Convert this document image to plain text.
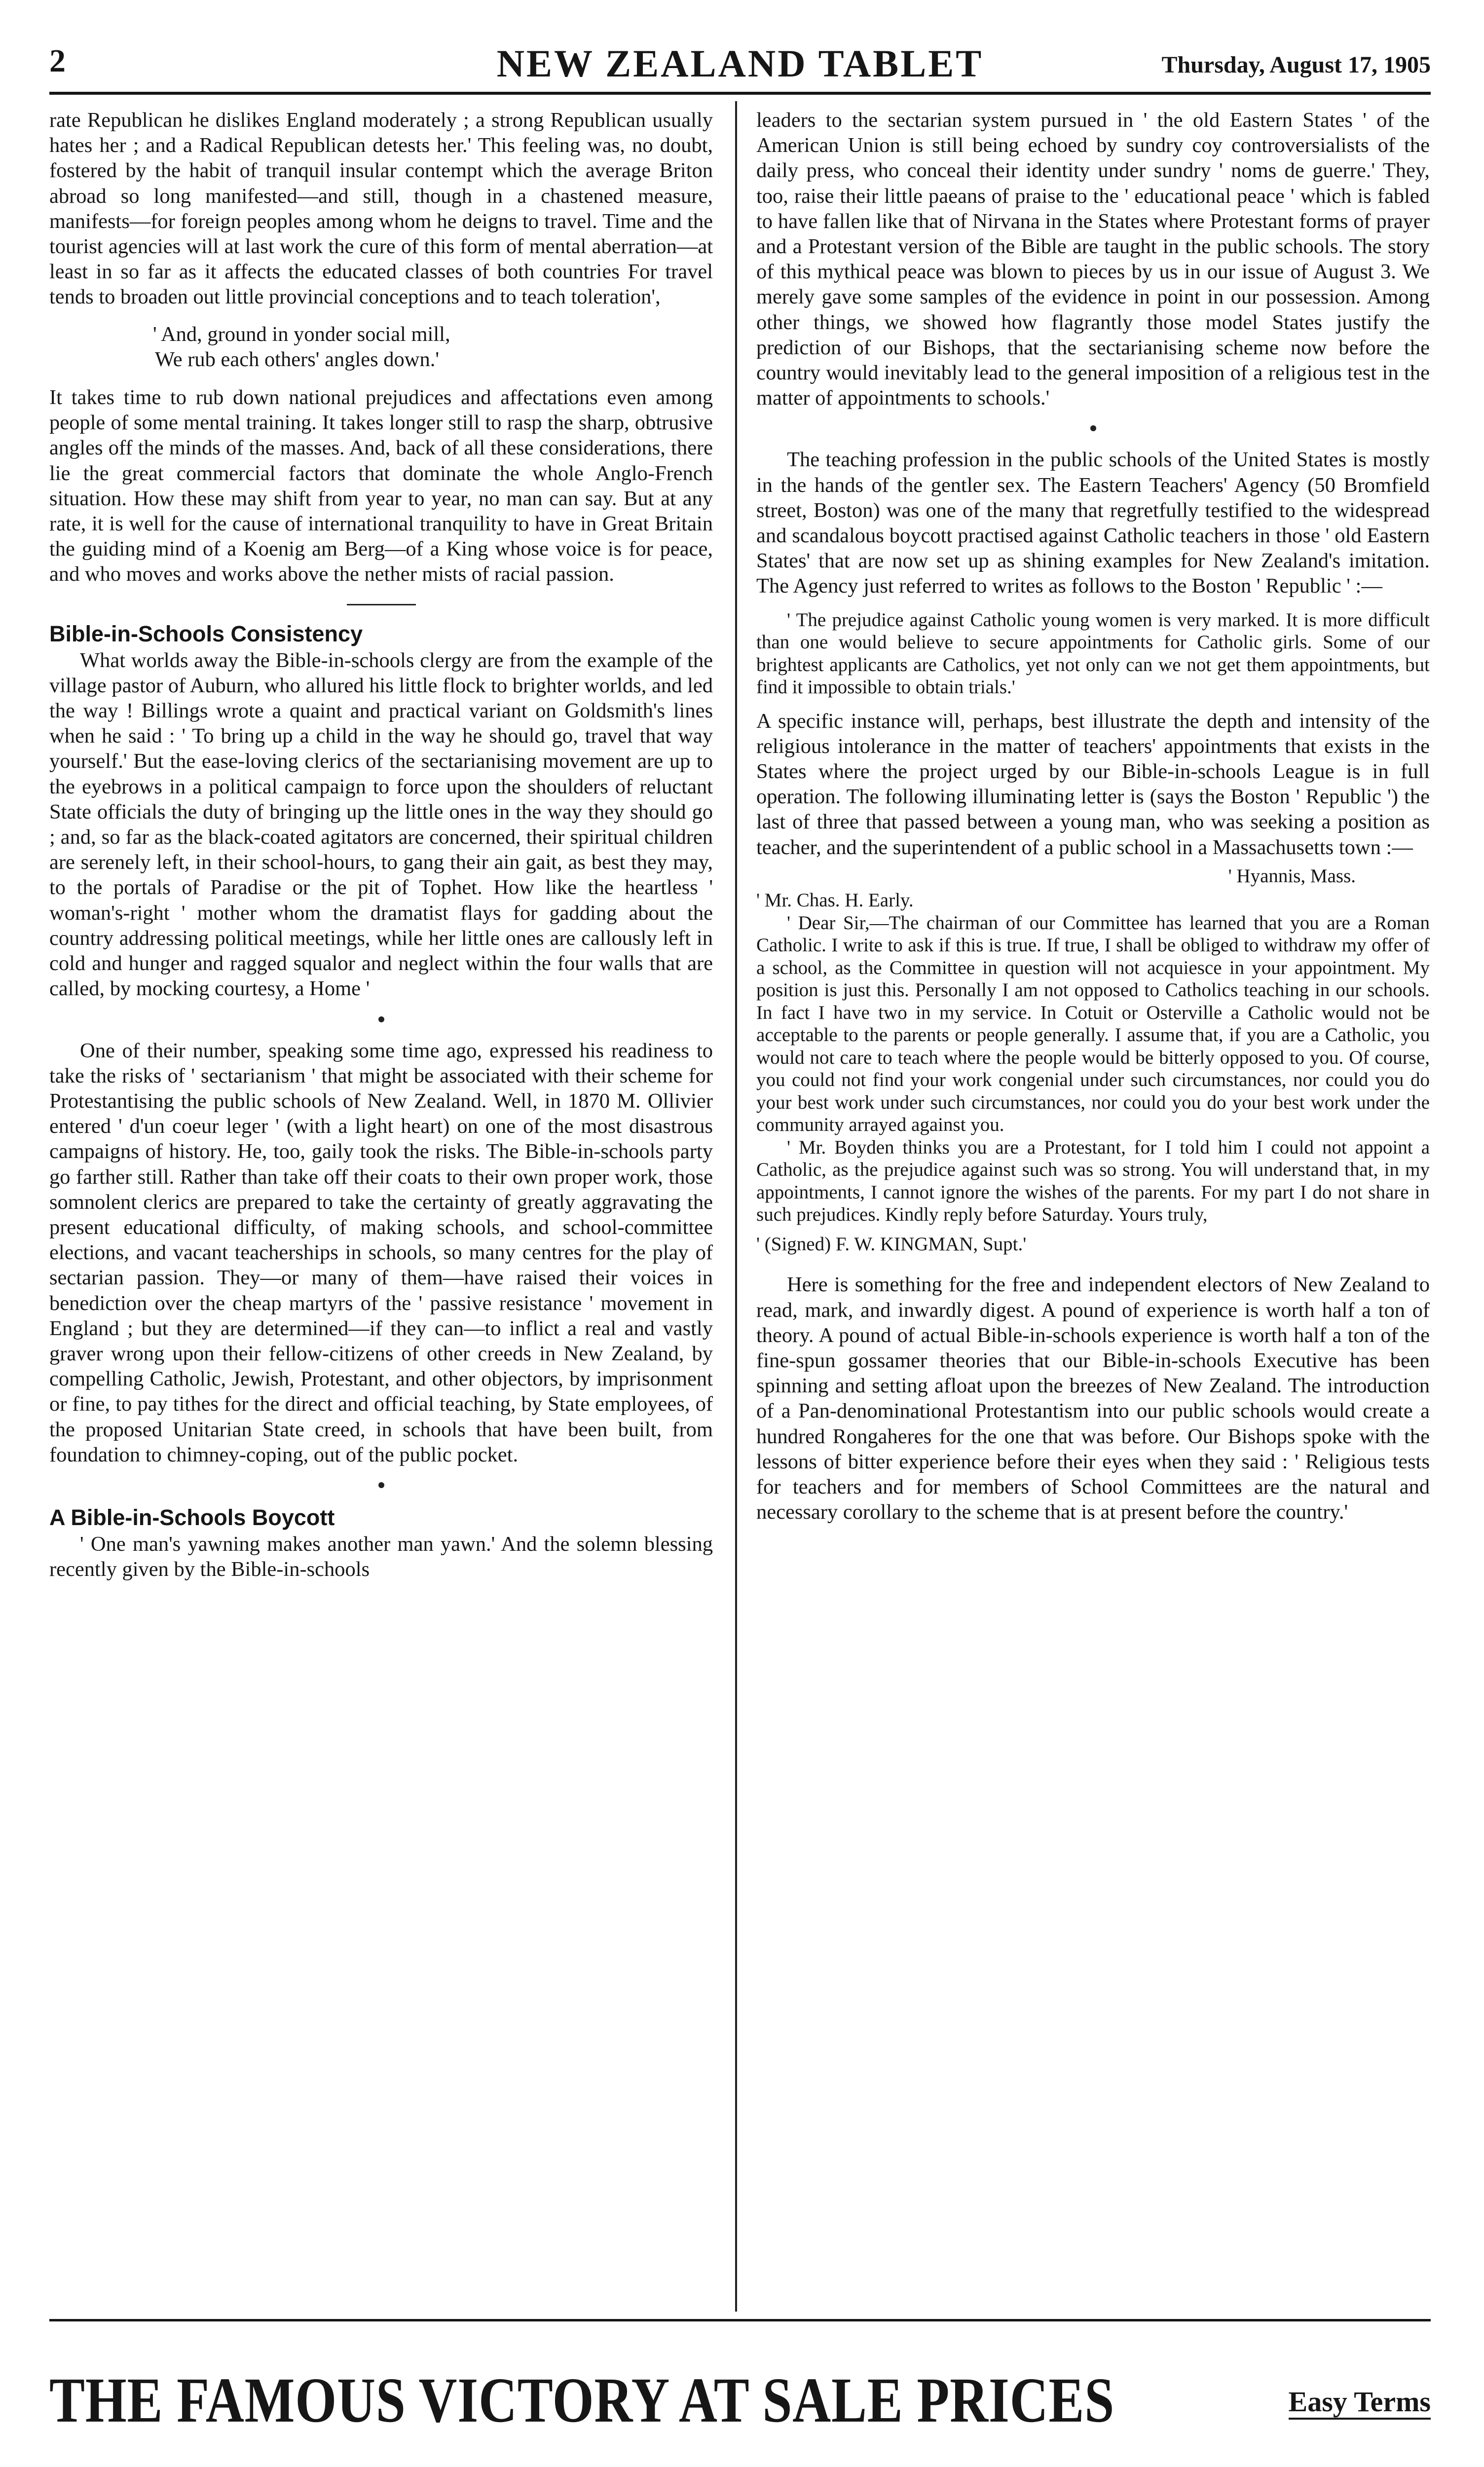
2	NEW ZEALAND TABLET	Thursday, August 17, 1905

rate Republican he dislikes England moderately ; a strong Republican usually hates her ; and a Radical Republican detests her.' This feeling was, no doubt, fostered by the habit of tranquil insular contempt which the average Briton abroad so long manifested—and still, though in a chastened measure, manifests—for foreign peoples among whom he deigns to travel. Time and the tourist agencies will at last work the cure of this form of mental aberration—at least in so far as it affects the educated classes of both countries For travel tends to broaden out little provincial conceptions and to teach toleration',

' And, ground in yonder social mill,
We rub each others' angles down.'

It takes time to rub down national prejudices and affectations even among people of some mental training. It takes longer still to rasp the sharp, obtrusive angles off the minds of the masses. And, back of all these considerations, there lie the great commercial factors that dominate the whole Anglo-French situation. How these may shift from year to year, no man can say. But at any rate, it is well for the cause of international tranquility to have in Great Britain the guiding mind of a Koenig am Berg—of a King whose voice is for peace, and who moves and works above the nether mists of racial passion.

Bible-in-Schools Consistency

What worlds away the Bible-in-schools clergy are from the example of the village pastor of Auburn, who allured his little flock to brighter worlds, and led the way ! Billings wrote a quaint and practical variant on Goldsmith's lines when he said : ' To bring up a child in the way he should go, travel that way yourself.' But the ease-loving clerics of the sectarianising movement are up to the eyebrows in a political campaign to force upon the shoulders of reluctant State officials the duty of bringing up the little ones in the way they should go ; and, so far as the black-coated agitators are concerned, their spiritual children are serenely left, in their school-hours, to gang their ain gait, as best they may, to the portals of Paradise or the pit of Tophet. How like the heartless ' woman's-right ' mother whom the dramatist flays for gadding about the country addressing political meetings, while her little ones are callously left in cold and hunger and ragged squalor and neglect within the four walls that are called, by mocking courtesy, a Home '

One of their number, speaking some time ago, expressed his readiness to take the risks of ' sectarianism ' that might be associated with their scheme for Protestantising the public schools of New Zealand. Well, in 1870 M. Ollivier entered ' d'un coeur leger ' (with a light heart) on one of the most disastrous campaigns of history. He, too, gaily took the risks. The Bible-in-schools party go farther still. Rather than take off their coats to their own proper work, those somnolent clerics are prepared to take the certainty of greatly aggravating the present educational difficulty, of making schools, and school-committee elections, and vacant teacherships in schools, so many centres for the play of sectarian passion. They—or many of them—have raised their voices in benediction over the cheap martyrs of the ' passive resistance ' movement in England ; but they are determined—if they can—to inflict a real and vastly graver wrong upon their fellow-citizens of other creeds in New Zealand, by compelling Catholic, Jewish, Protestant, and other objectors, by imprisonment or fine, to pay tithes for the direct and official teaching, by State employees, of the proposed Unitarian State creed, in schools that have been built, from foundation to chimney-coping, out of the public pocket.

A Bible-in-Schools Boycott

' One man's yawning makes another man yawn.' And the solemn blessing recently given by the Bible-in-schools

leaders to the sectarian system pursued in ' the old Eastern States ' of the American Union is still being echoed by sundry coy controversialists of the daily press, who conceal their identity under sundry ' noms de guerre.' They, too, raise their little paeans of praise to the ' educational peace ' which is fabled to have fallen like that of Nirvana in the States where Protestant forms of prayer and a Protestant version of the Bible are taught in the public schools. The story of this mythical peace was blown to pieces by us in our issue of August 3. We merely gave some samples of the evidence in point in our possession. Among other things, we showed how flagrantly those model States justify the prediction of our Bishops, that the sectarianising scheme now before the country would inevitably lead to the general imposition of a religious test in the matter of appointments to schools.'

The teaching profession in the public schools of the United States is mostly in the hands of the gentler sex. The Eastern Teachers' Agency (50 Bromfield street, Boston) was one of the many that regretfully testified to the widespread and scandalous boycott practised against Catholic teachers in those ' old Eastern States' that are now set up as shining examples for New Zealand's imitation. The Agency just referred to writes as follows to the Boston ' Republic ' :—

' The prejudice against Catholic young women is very marked. It is more difficult than one would believe to secure appointments for Catholic girls. Some of our brightest applicants are Catholics, yet not only can we not get them appointments, but find it impossible to obtain trials.'

A specific instance will, perhaps, best illustrate the depth and intensity of the religious intolerance in the matter of teachers' appointments that exists in the States where the project urged by our Bible-in-schools League is in full operation. The following illuminating letter is (says the Boston ' Republic ') the last of three that passed between a young man, who was seeking a position as teacher, and the superintendent of a public school in a Massachusetts town :—

' Hyannis, Mass.
' Mr. Chas. H. Early.

' Dear Sir,—The chairman of our Committee has learned that you are a Roman Catholic. I write to ask if this is true. If true, I shall be obliged to withdraw my offer of a school, as the Committee in question will not acquiesce in your appointment. My position is just this. Personally I am not opposed to Catholics teaching in our schools. In fact I have two in my service. In Cotuit or Osterville a Catholic would not be acceptable to the parents or people generally. I assume that, if you are a Catholic, you would not care to teach where the people would be bitterly opposed to you. Of course, you could not find your work congenial under such circumstances, nor could you do your best work under such circumstances, nor could you do your best work under the community arrayed against you.

' Mr. Boyden thinks you are a Protestant, for I told him I could not appoint a Catholic, as the prejudice against such was so strong. You will understand that, in my appointments, I cannot ignore the wishes of the parents. For my part I do not share in such prejudices. Kindly reply before Saturday. Yours truly,

' (Signed) F. W. KINGMAN, Supt.'

Here is something for the free and independent electors of New Zealand to read, mark, and inwardly digest. A pound of experience is worth half a ton of theory. A pound of actual Bible-in-schools experience is worth half a ton of the fine-spun gossamer theories that our Bible-in-schools Executive has been spinning and setting afloat upon the breezes of New Zealand. The introduction of a Pan-denominational Protestantism into our public schools would create a hundred Rongaheres for the one that was before. Our Bishops spoke with the lessons of bitter experience before their eyes when they said : ' Religious tests for teachers and for members of School Committees are the natural and necessary corollary to the scheme that is at present before the country.'

THE FAMOUS VICTORY AT SALE PRICES	Easy Terms
